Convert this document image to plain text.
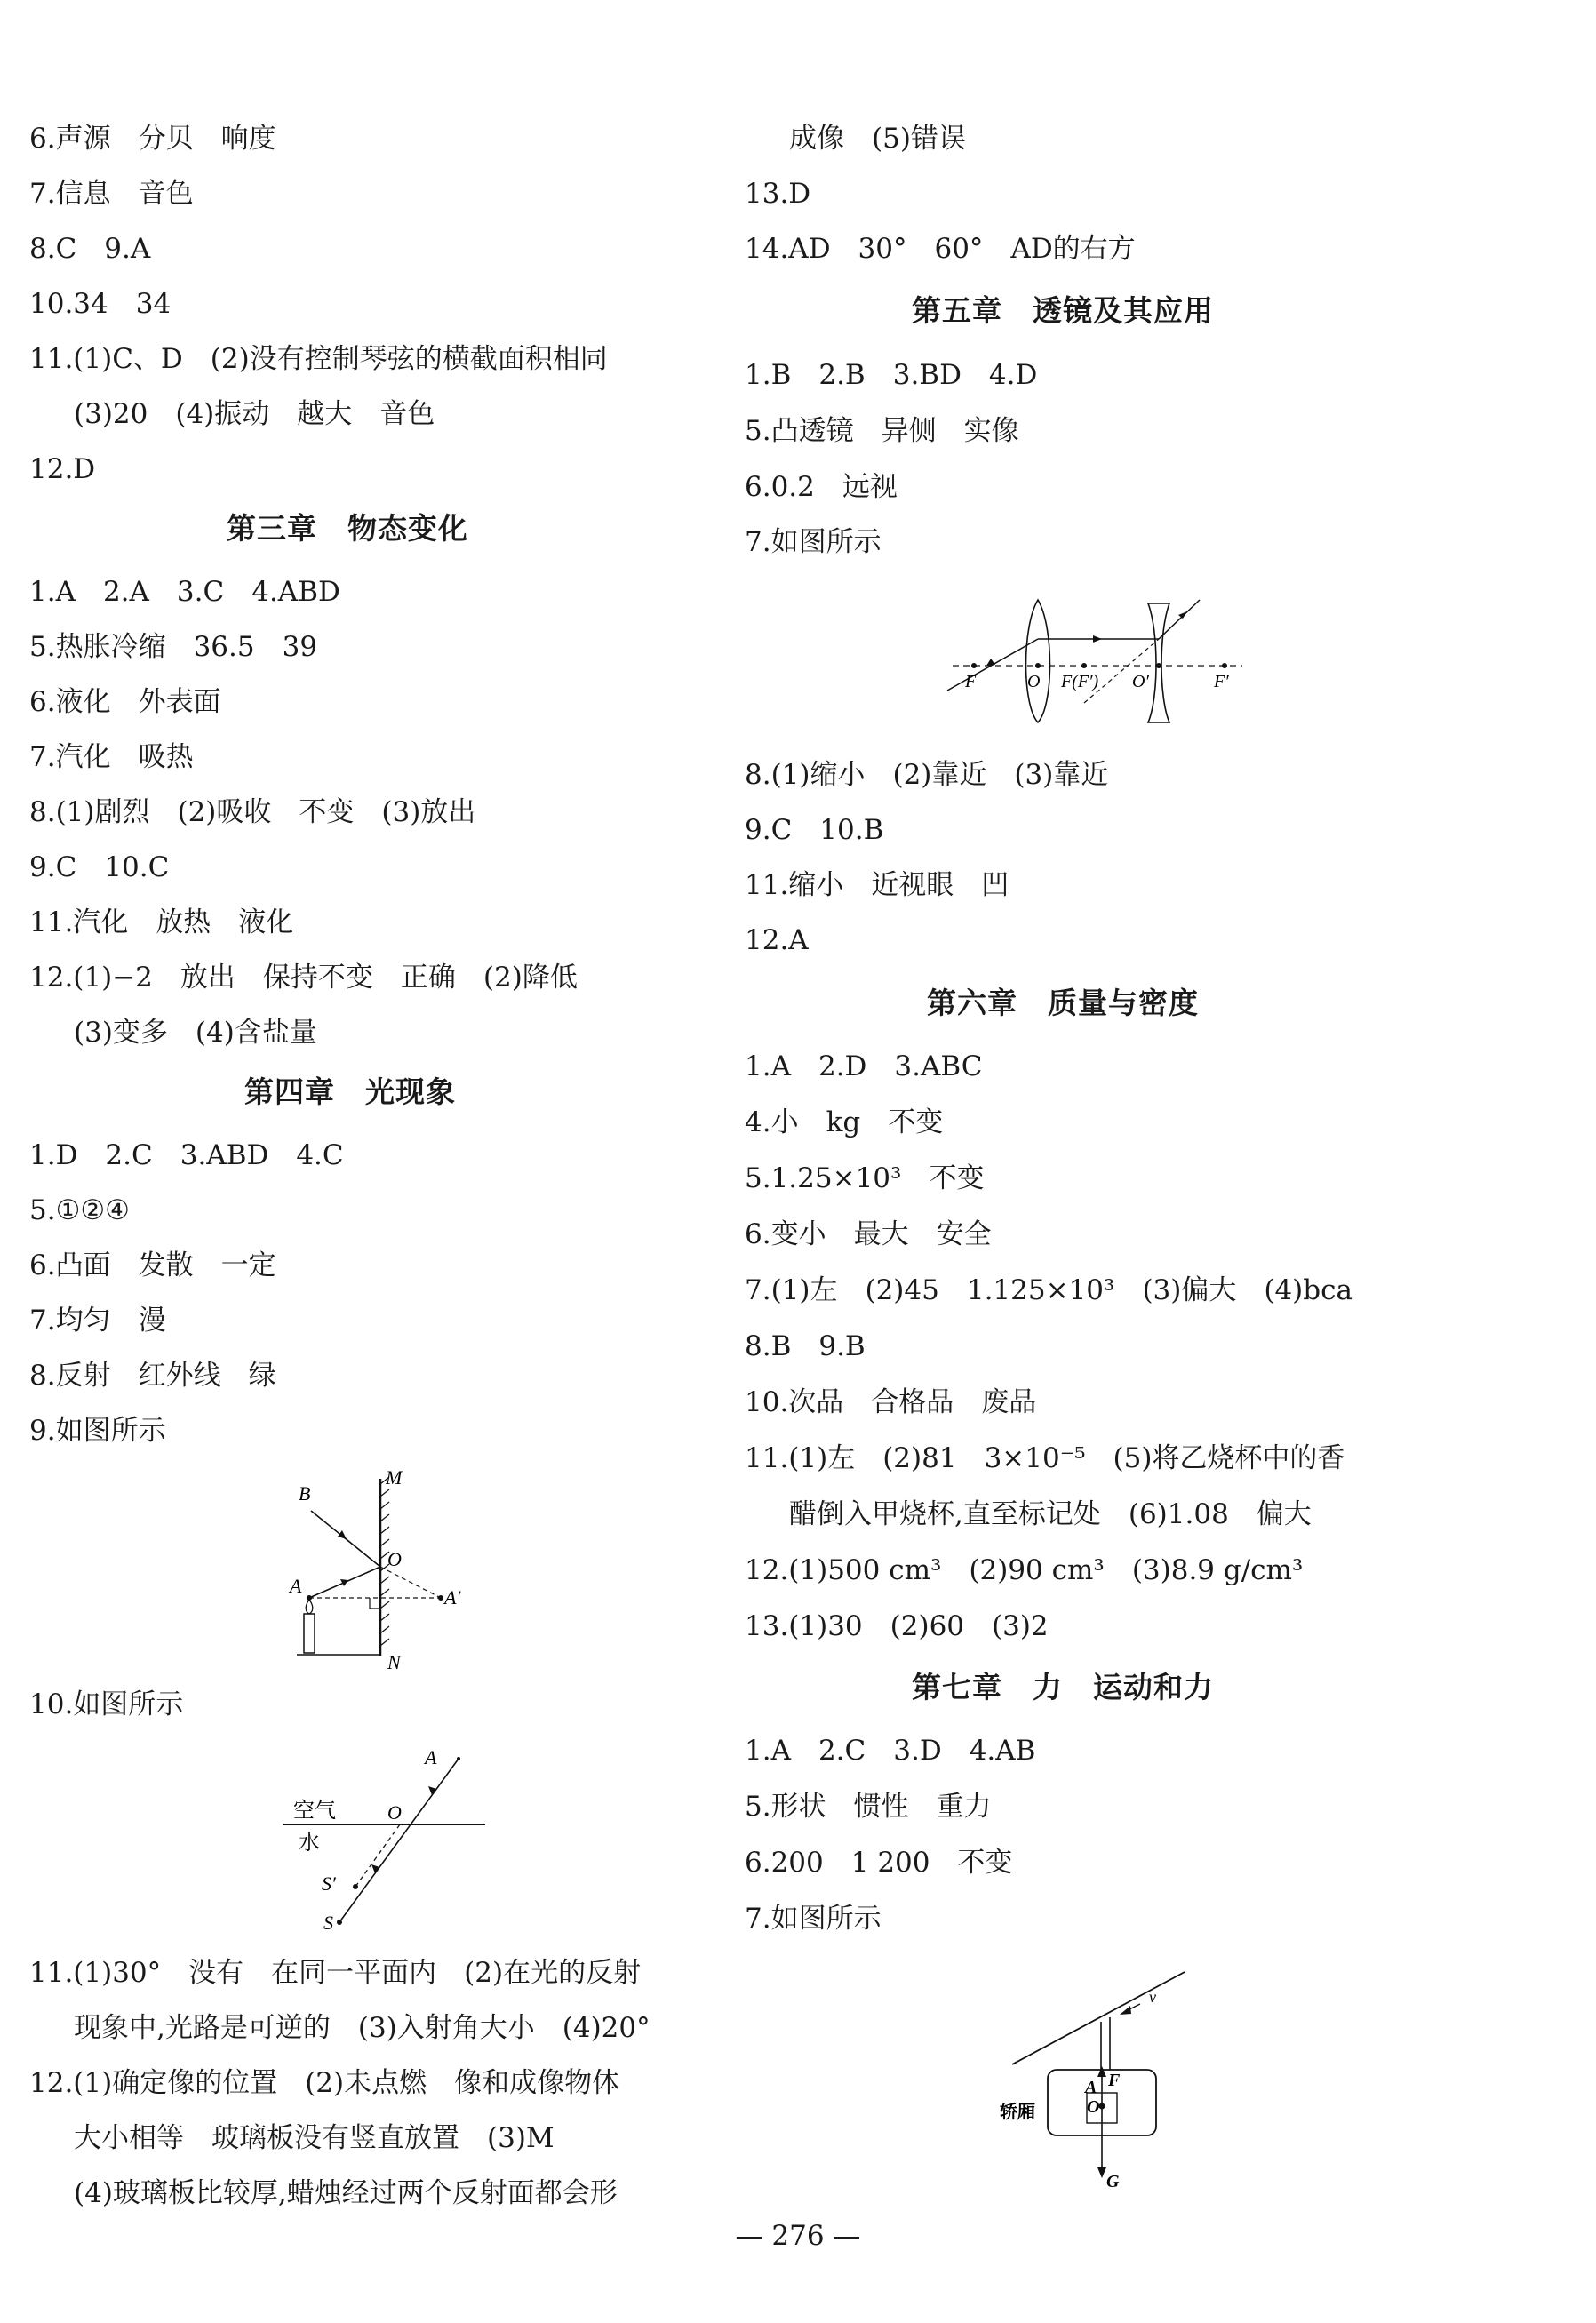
6.声源　分贝　响度
7.信息　音色
8.C　9.A
10.34　34
11.(1)C、D　(2)没有控制琴弦的横截面积相同
(3)20　(4)振动　越大　音色
12.D
第三章　物态变化
1.A　2.A　3.C　4.ABD
5.热胀冷缩　36.5　39
6.液化　外表面
7.汽化　吸热
8.(1)剧烈　(2)吸收　不变　(3)放出
9.C　10.C
11.汽化　放热　液化
12.(1)−2　放出　保持不变　正确　(2)降低
(3)变多　(4)含盐量
第四章　光现象
1.D　2.C　3.ABD　4.C
5.①②④
6.凸面　发散　一定
7.均匀　漫
8.反射　红外线　绿
9.如图所示
10.如图所示
11.(1)30°　没有　在同一平面内　(2)在光的反射
现象中,光路是可逆的　(3)入射角大小　(4)20°
12.(1)确定像的位置　(2)未点燃　像和成像物体
大小相等　玻璃板没有竖直放置　(3)M
(4)玻璃板比较厚,蜡烛经过两个反射面都会形
B
M
O
A
A′
N
A
空气	O
水
S′
S
成像　(5)错误
13.D
14.AD　30°　60°　AD的右方
第五章　透镜及其应用
1.B　2.B　3.BD　4.D
5.凸透镜　异侧　实像
6.0.2　远视
7.如图所示
8.(1)缩小　(2)靠近　(3)靠近
9.C　10.B
11.缩小　近视眼　凹
12.A
第六章　质量与密度
1.A　2.D　3.ABC
4.小　kg　不变
5.1.25×10³　不变
6.变小　最大　安全
7.(1)左　(2)45　1.125×10³　(3)偏大　(4)bca
8.B　9.B
10.次品　合格品　废品
11.(1)左　(2)81　3×10⁻⁵　(5)将乙烧杯中的香
醋倒入甲烧杯,直至标记处　(6)1.08　偏大
12.(1)500 cm³　(2)90 cm³　(3)8.9 g/cm³
13.(1)30　(2)60　(3)2
第七章　力　运动和力
1.A　2.C　3.D　4.AB
5.形状　惯性　重力
6.200　1 200　不变
7.如图所示
F	O F(F′) O′	F′
v
F
A
O
G
轿厢
— 276 —
